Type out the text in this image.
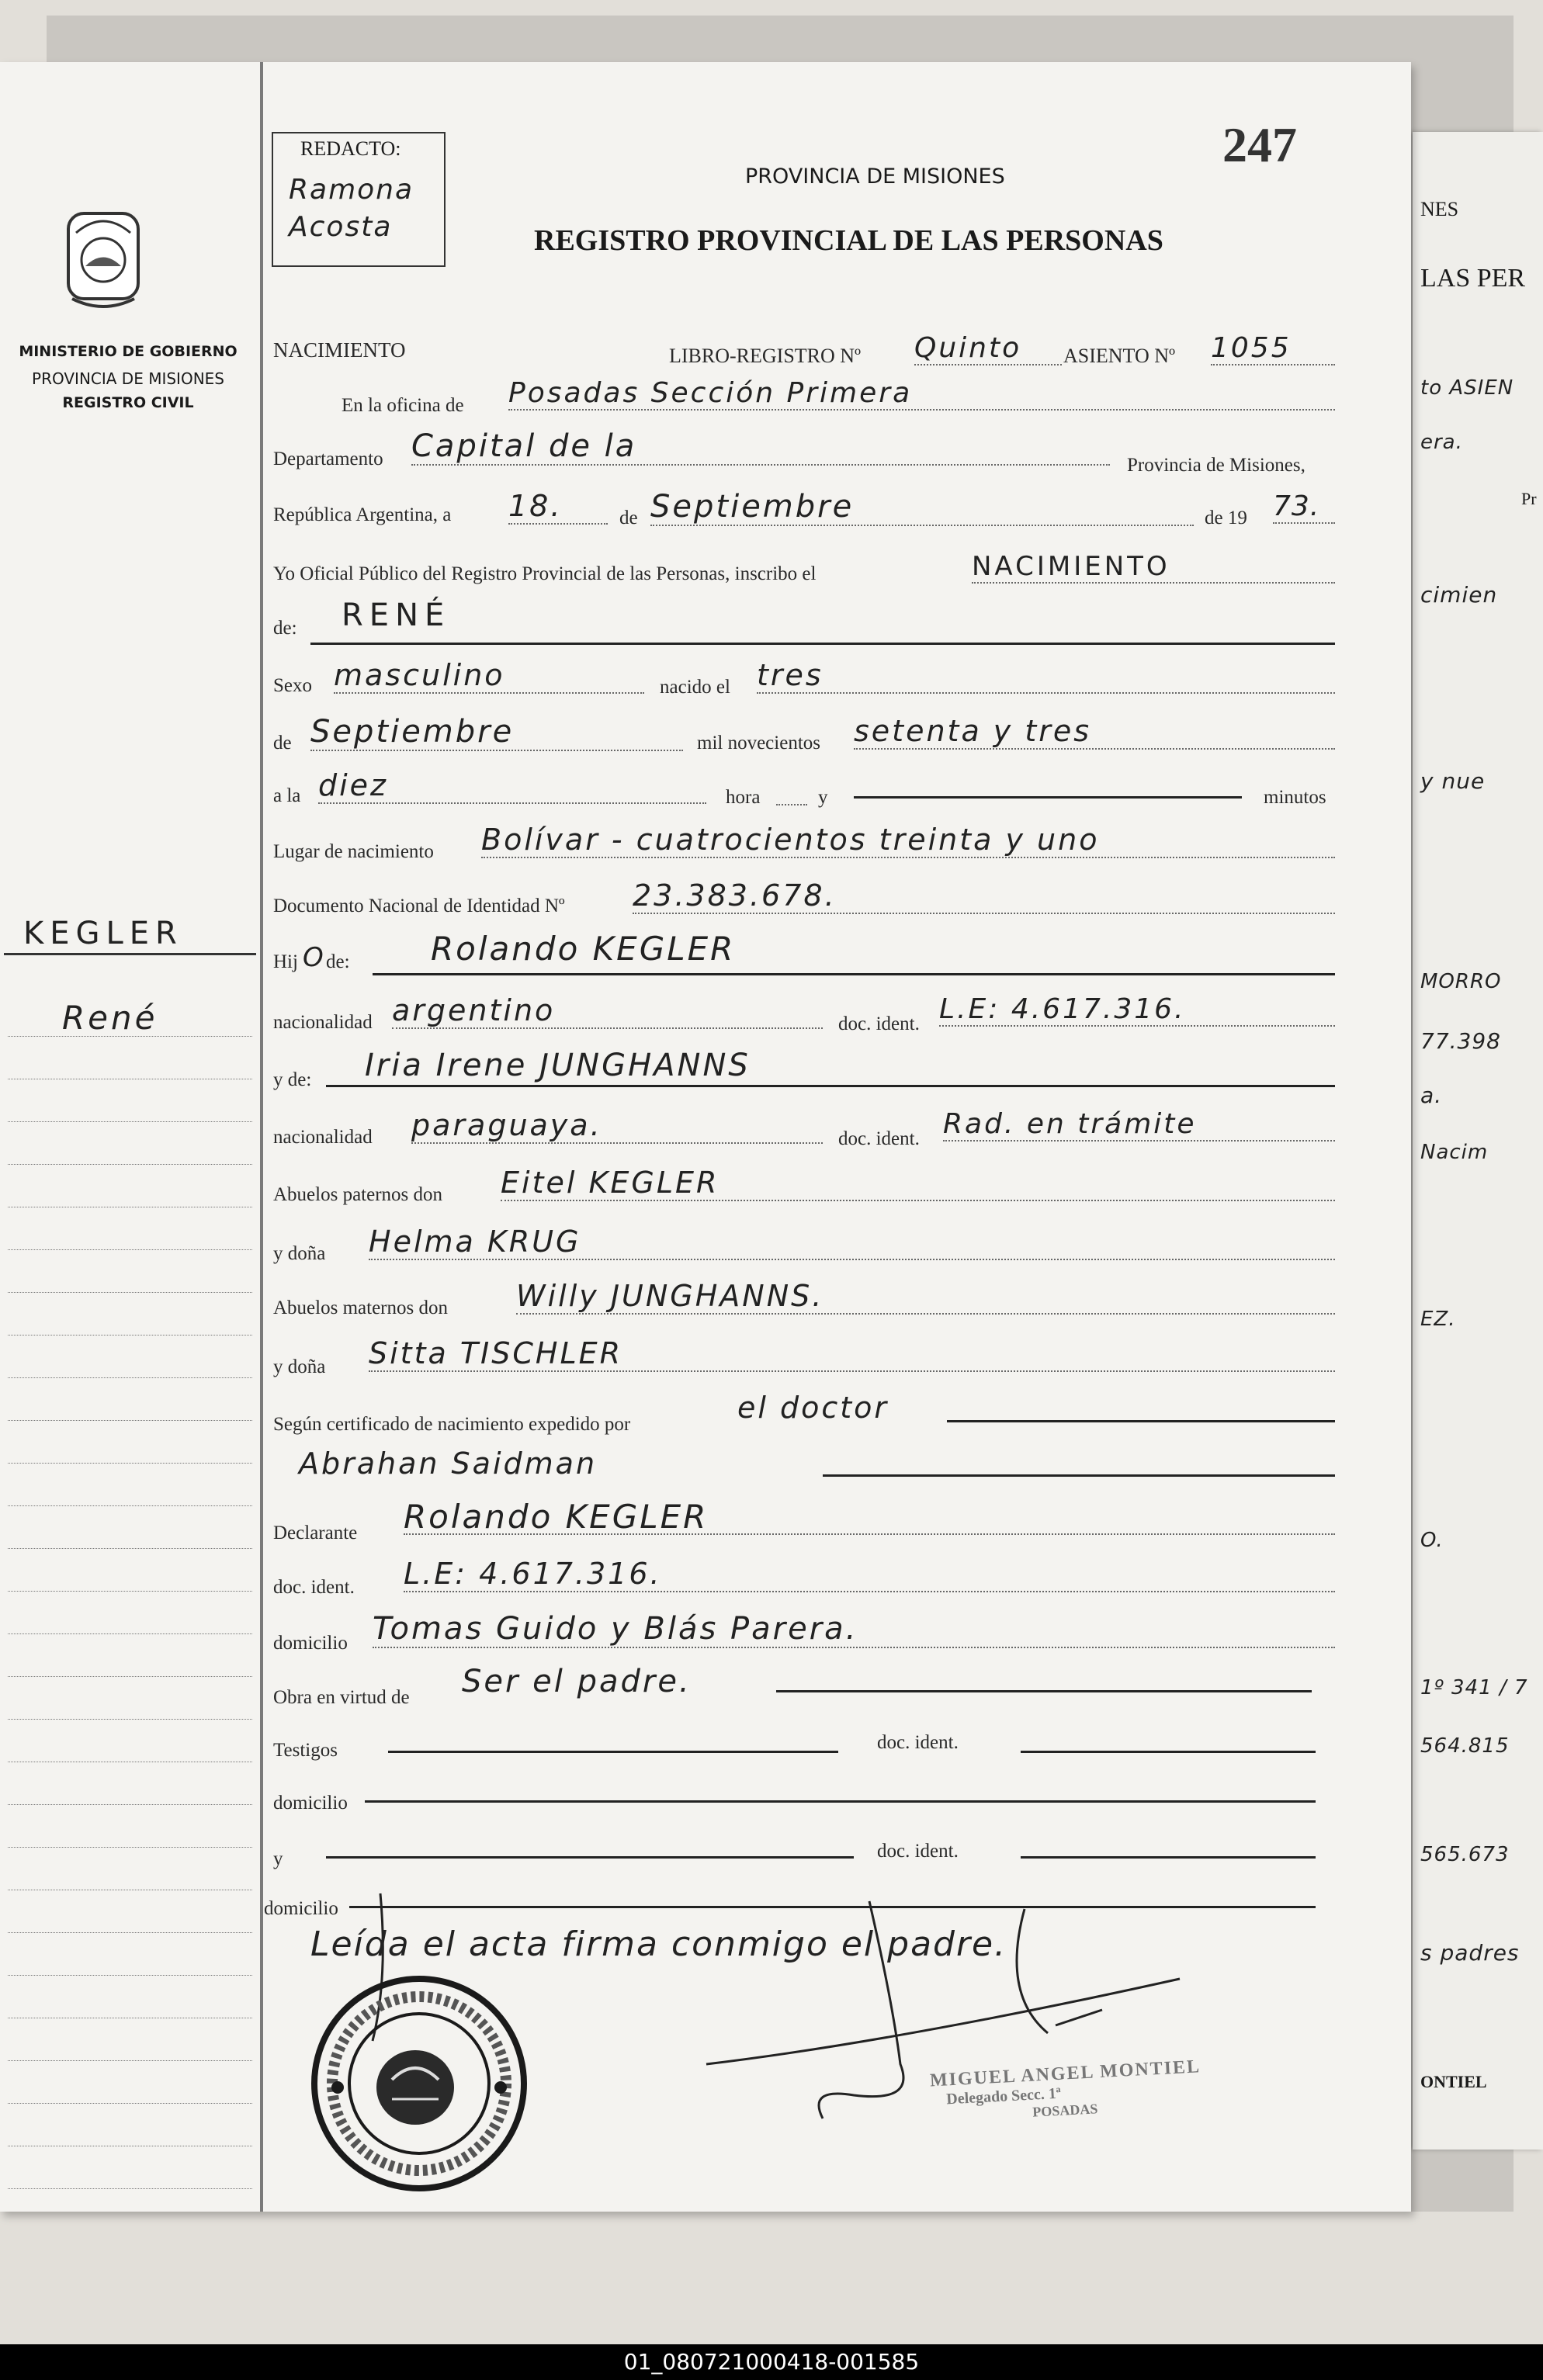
NES
LAS PER
to ASIEN
era.
Pr
cimien
y nue
MORRO
77.398
a.
Nacim
EZ.
O.
1º 341 / 7
564.815
565.673
s padres
ONTIEL
MINISTERIO DE GOBIERNO
PROVINCIA DE MISIONES
REGISTRO CIVIL
KEGLER
René
REDACTO:
Ramona
Acosta
247
PROVINCIA DE MISIONES
REGISTRO PROVINCIAL DE LAS PERSONAS
NACIMIENTO	LIBRO-REGISTRO Nº Quinto	ASIENTO Nº 1055
En la oficina de Posadas Sección Primera
Departamento Capital de la
Provincia de Misiones,
República Argentina, a 18.	de Septiembre	de 19 73.
Yo Oficial Público del Registro Provincial de las Personas, inscribo el	NACIMIENTO
de: RENÉ
Sexo masculino	nacido el tres
de Septiembre	mil novecientos setenta y tres
a la diez	hora	y	minutos
Lugar de nacimiento Bolívar - cuatrocientos treinta y uno
Documento Nacional de Identidad Nº 23.383.678.
Hij O de: Rolando KEGLER
nacionalidad argentino	doc. ident. L.E: 4.617.316.
y de: Iria Irene JUNGHANNS
nacionalidad paraguaya.	doc. ident. Rad. en trámite
Abuelos paternos don Eitel KEGLER
y doña Helma KRUG
Abuelos maternos don Willy JUNGHANNS.
y doña Sitta TISCHLER
Según certificado de nacimiento expedido por	el doctor
Abrahan Saidman
Declarante Rolando KEGLER
doc. ident. L.E: 4.617.316.
domicilio Tomas Guido y Blás Parera.
Obra en virtud de Ser el padre.
Testigos	doc. ident.
domicilio
y	doc. ident.
domicilio
Leída el acta firma conmigo el padre.
MIGUEL ANGEL MONTIEL
Delegado Secc. 1ª
POSADAS
01_080721000418-001585
